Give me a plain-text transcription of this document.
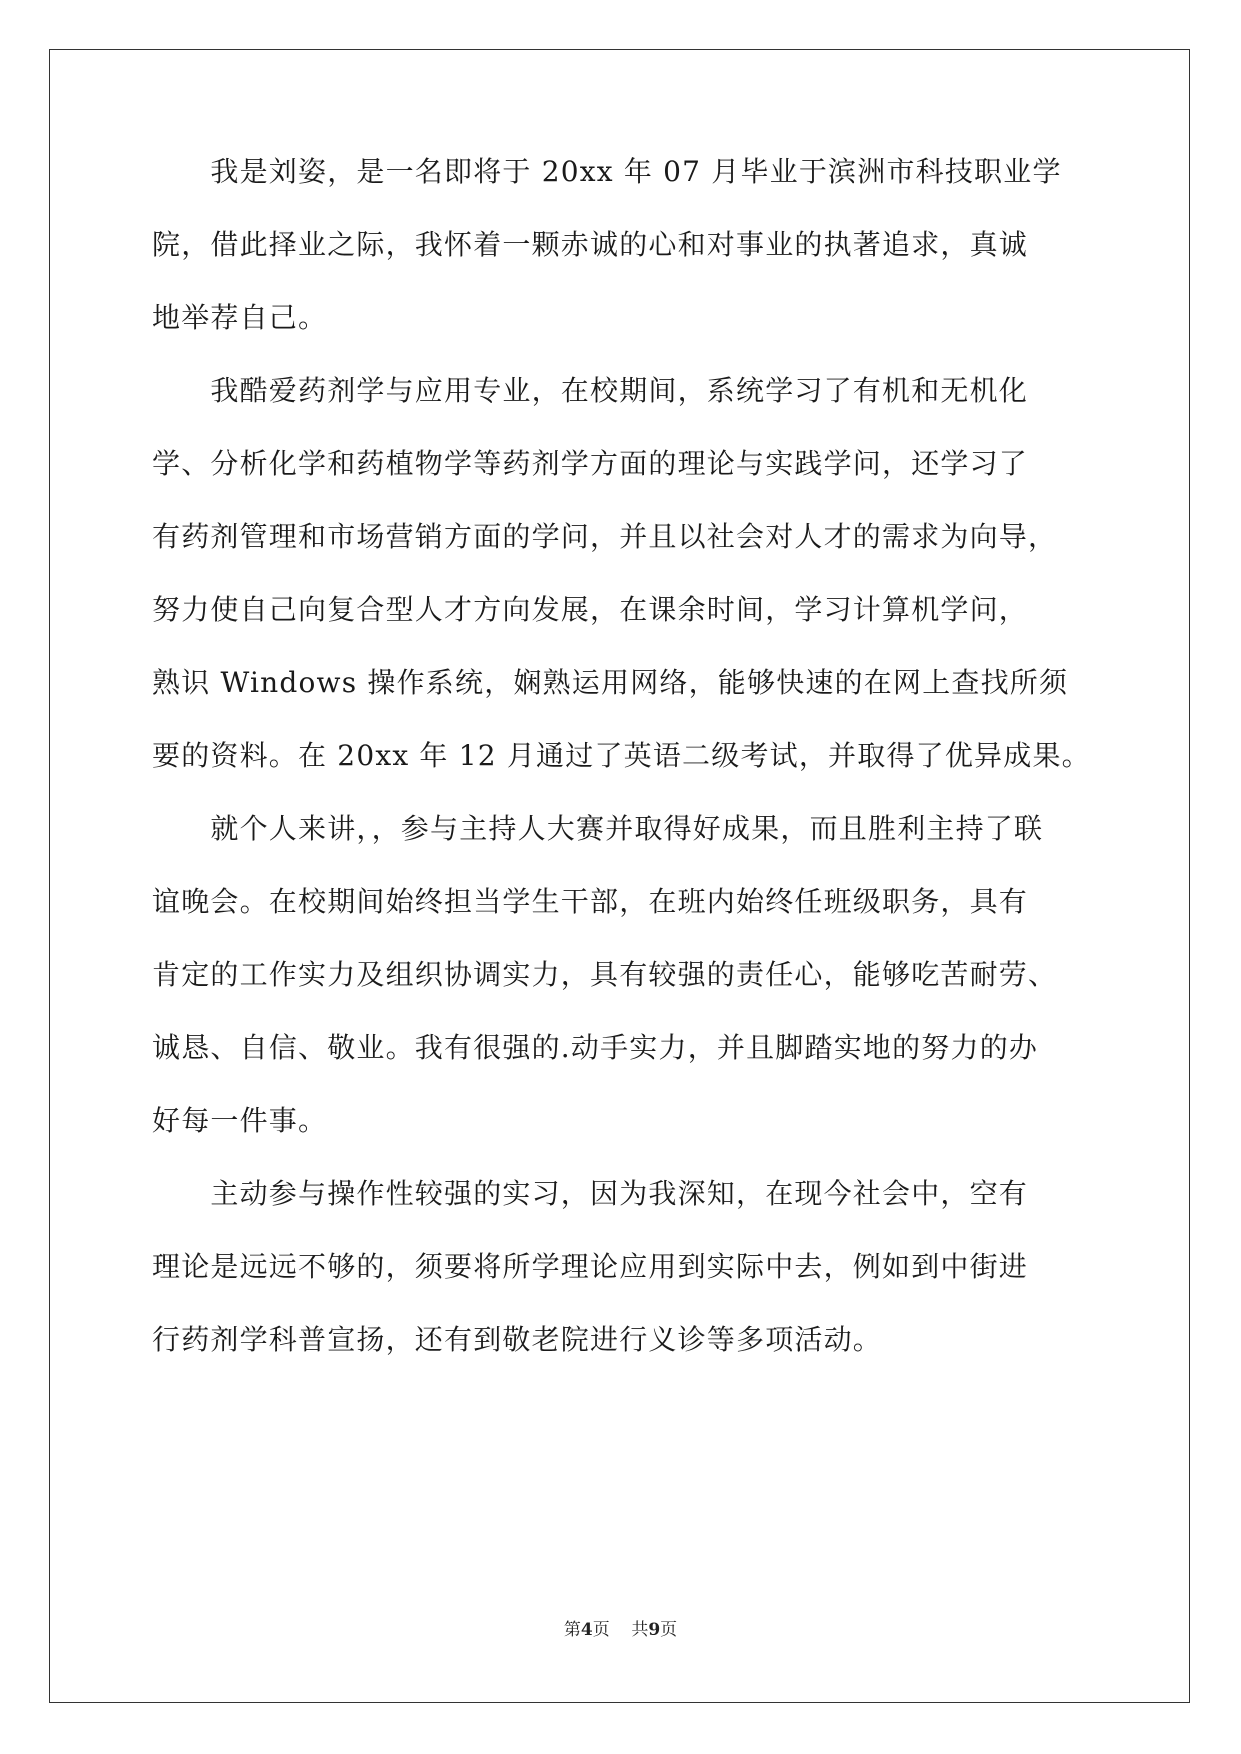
　　我是刘姿，是一名即将于 20xx 年 07 月毕业于滨洲市科技职业学
院，借此择业之际，我怀着一颗赤诚的心和对事业的执著追求，真诚
地举荐自己。
　　我酷爱药剂学与应用专业，在校期间，系统学习了有机和无机化
学、分析化学和药植物学等药剂学方面的理论与实践学问，还学习了
有药剂管理和市场营销方面的学问，并且以社会对人才的需求为向导，
努力使自己向复合型人才方向发展，在课余时间，学习计算机学问，
熟识 Windows 操作系统，娴熟运用网络，能够快速的在网上查找所须
要的资料。在 20xx 年 12 月通过了英语二级考试，并取得了优异成果。
　　就个人来讲，，参与主持人大赛并取得好成果，而且胜利主持了联
谊晚会。在校期间始终担当学生干部，在班内始终任班级职务，具有
肯定的工作实力及组织协调实力，具有较强的责任心，能够吃苦耐劳、
诚恳、自信、敬业。我有很强的.动手实力，并且脚踏实地的努力的办
好每一件事。
　　主动参与操作性较强的实习，因为我深知，在现今社会中，空有
理论是远远不够的，须要将所学理论应用到实际中去，例如到中街进
行药剂学科普宣扬，还有到敬老院进行义诊等多项活动。
第4页 共9页
